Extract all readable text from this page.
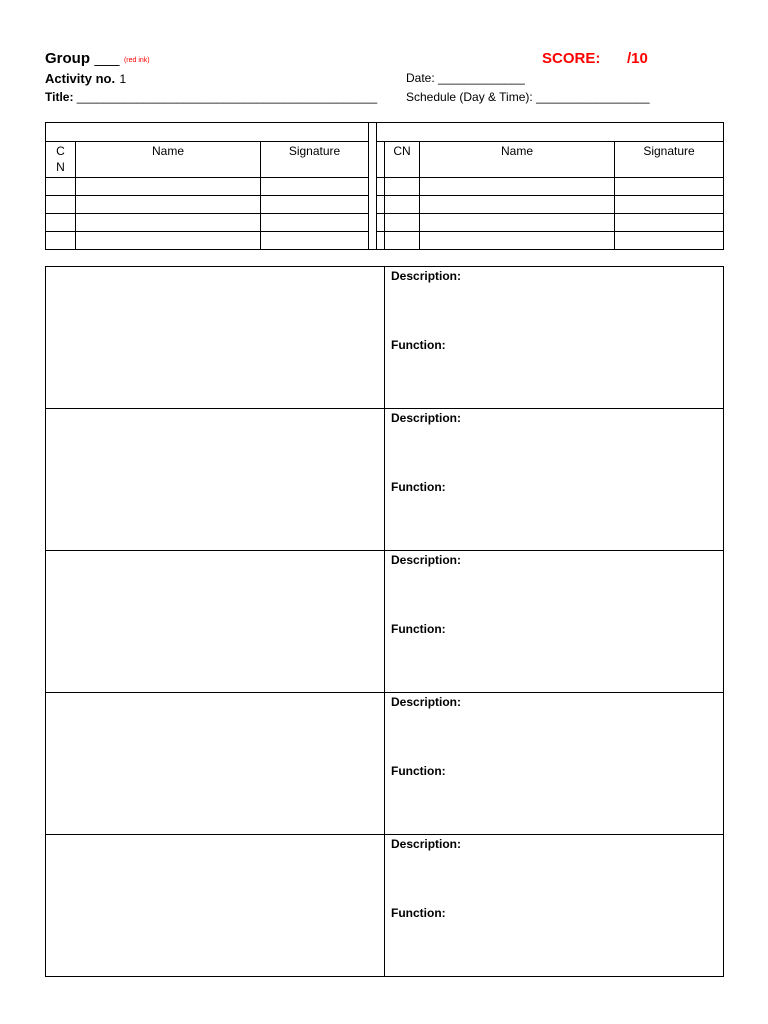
Group ___ (red ink)	SCORE: /10
Activity no. 1	Date: _____________
Title: _____________________________________________ Schedule (Day & Time): _________________

C N	Name	Signature			CN	Name	Signature

	Description:
Function:

	Description:
Function:

	Description:
Function:

	Description:
Function:

	Description:
Function:
